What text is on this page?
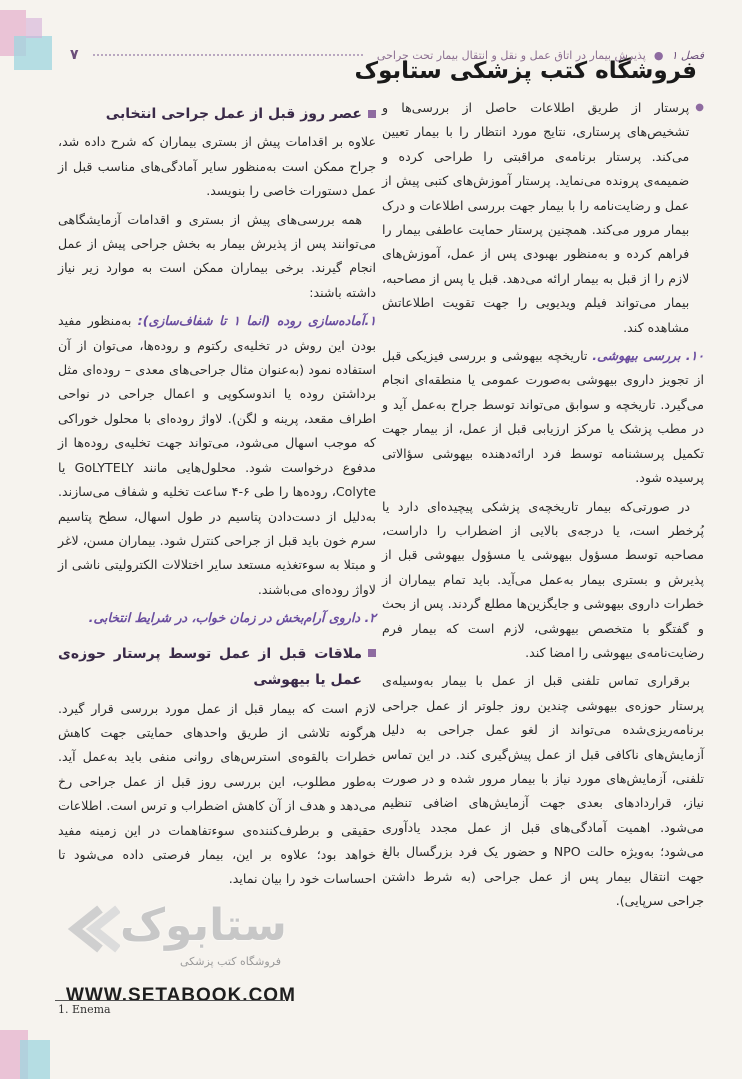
فصل ۱
●
پذیرش بیمار در اتاق عمل و نقل و انتقال بیمار تحت جراحی
۷
فروشگاه کتب پزشکی ستابوک
●

پرستار از طریق اطلاعات حاصل از بررسی‌ها و تشخیص‌های پرستاری، نتایج مورد انتظار را با بیمار تعیین می‌کند. پرستار برنامه‌ی مراقبتی را طراحی کرده و ضمیمه‌ی پرونده می‌نماید. پرستار آموزش‌های کتبی پیش از عمل و رضایت‌نامه را با بیمار جهت بررسی اطلاعات و درک بیمار مرور می‌کند. همچنین پرستار حمایت عاطفی بیمار را فراهم کرده و به‌منظور بهبودی پس از عمل، آموزش‌های لازم را از قبل به بیمار ارائه می‌دهد. قبل یا پس از مصاحبه، بیمار می‌تواند فیلم ویدیویی را جهت تقویت اطلاعاتش مشاهده کند.

۱۰. بررسی بیهوشی. تاریخچه بیهوشی و بررسی فیزیکی قبل از تجویز داروی بیهوشی به‌صورت عمومی یا منطقه‌ای انجام می‌گیرد. تاریخچه و سوابق می‌تواند توسط جراح به‌عمل آید و در مطب پزشک یا مرکز ارزیابی قبل از عمل، از بیمار جهت تکمیل پرسشنامه توسط فرد ارائه‌دهنده بیهوشی سؤالاتی پرسیده شود.

در صورتی‌که بیمار تاریخچه‌ی پزشکی پیچیده‌ای دارد یا پُرخطر است، یا درجه‌ی بالایی از اضطراب را داراست، مصاحبه توسط مسؤول بیهوشی یا مسؤول بیهوشی قبل از پذیرش و بستری بیمار به‌عمل می‌آید. باید تمام بیماران از خطرات داروی بیهوشی و جایگزین‌ها مطلع گردند. پس از بحث و گفتگو با متخصص بیهوشی، لازم است که بیمار فرم رضایت‌نامه‌ی بیهوشی را امضا کند.

برقراری تماس تلفنی قبل از عمل با بیمار به‌وسیله‌ی پرستار حوزه‌ی بیهوشی چندین روز جلوتر از عمل جراحی برنامه‌ریزی‌شده می‌تواند از لغو عمل جراحی به دلیل آزمایش‌های ناکافی قبل از عمل پیش‌گیری کند. در این تماس تلفنی، آزمایش‌های مورد نیاز با بیمار مرور شده و در صورت نیاز، قراردادهای بعدی جهت آزمایش‌های اضافی تنظیم می‌شود. اهمیت آمادگی‌های قبل از عمل مجدد یادآوری می‌شود؛ به‌ویژه حالت NPO و حضور یک فرد بزرگسال بالغ جهت انتقال بیمار پس از عمل جراحی (به شرط داشتن جراحی سرپایی).

عصر روز قبل از عمل جراحی انتخابی

علاوه بر اقدامات پیش از بستری بیماران که شرح داده شد، جراح ممکن است به‌منظور سایر آمادگی‌های مناسب قبل از عمل دستورات خاصی را بنویسد.

همه بررسی‌های پیش از بستری و اقدامات آزمایشگاهی می‌توانند پس از پذیرش بیمار به بخش جراحی پیش از عمل انجام گیرند. برخی بیماران ممکن است به موارد زیر نیاز داشته باشند:

۱.آماده‌سازی روده (انما ۱ تا شفاف‌سازی): به‌منظور مفید بودن این روش در تخلیه‌ی رکتوم و روده‌ها، می‌توان از آن استفاده نمود (به‌عنوان مثال جراحی‌های معدی – روده‌ای مثل برداشتن روده یا اندوسکوپی و اعمال جراحی در نواحی اطراف مقعد، پرینه و لگن). لاواژ روده‌ای با محلول خوراکی که موجب اسهال می‌شود، می‌تواند جهت تخلیه‌ی روده‌ها از مدفوع درخواست شود. محلول‌هایی مانند GoLYTELY یا Colyte، روده‌ها را طی ۶-۴ ساعت تخلیه و شفاف می‌سازند. به‌دلیل از دست‌دادن پتاسیم در طول اسهال، سطح پتاسیم سرم خون باید قبل از جراحی کنترل شود. بیماران مسن، لاغر و مبتلا به سوءتغذیه مستعد سایر اختلالات الکترولیتی ناشی از لاواژ روده‌ای می‌باشند.

۲. داروی آرام‌بخش در زمان خواب، در شرایط انتخابی.

ملاقات قبل از عمل توسط پرستار حوزه‌ی عمل یا بیهوشی

لازم است که بیمار قبل از عمل مورد بررسی قرار گیرد. هرگونه تلاشی از طریق واحدهای حمایتی جهت کاهش خطرات بالقوه‌ی استرس‌های روانی منفی باید به‌عمل آید. به‌طور مطلوب، این بررسی روز قبل از عمل جراحی رخ می‌دهد و هدف از آن کاهش اضطراب و ترس است. اطلاعات حقیقی و برطرف‌کننده‌ی سوءتفاهمات در این زمینه مفید خواهد بود؛ علاوه بر این، بیمار فرصتی داده می‌شود تا احساسات خود را بیان نماید.

ستابوک
فروشگاه کتب پزشکی
WWW.SETABOOK.COM
1. Enema
